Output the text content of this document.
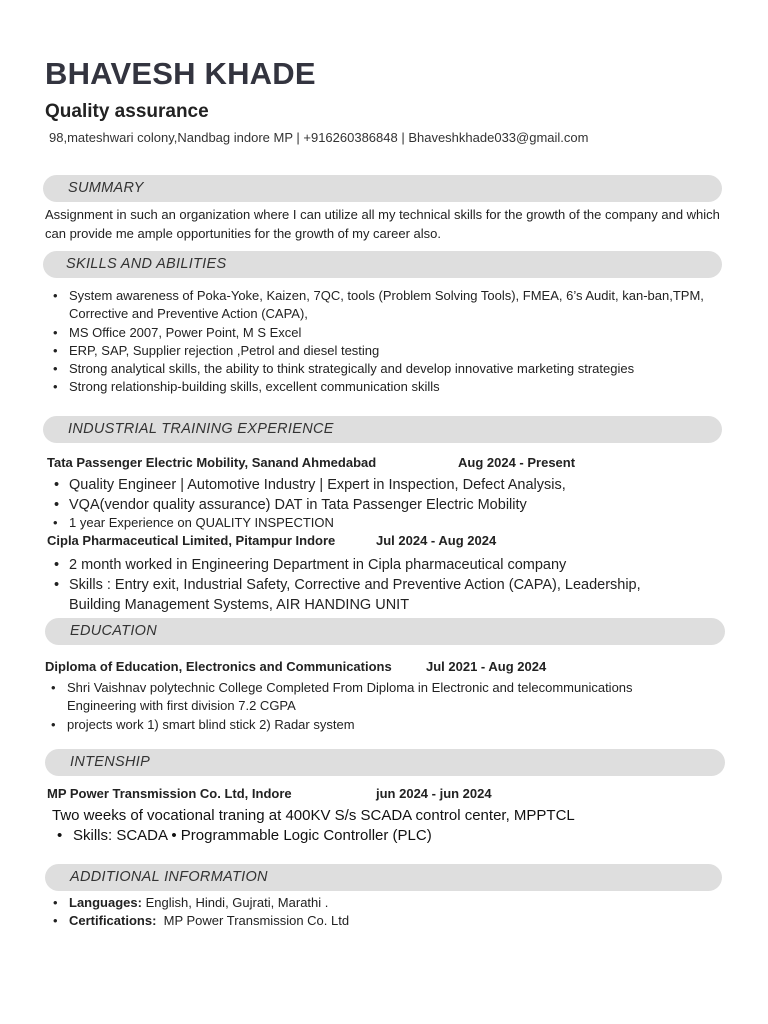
BHAVESH KHADE
Quality assurance
98,mateshwari colony,Nandbag indore MP | +916260386848 | Bhaveshkhade033@gmail.com
SUMMARY
Assignment in such an organization where I can utilize all my technical skills for the growth of the company and which can provide me ample opportunities for the growth of my career also.
SKILLS AND ABILITIES
• System awareness of Poka-Yoke, Kaizen, 7QC, tools (Problem Solving Tools), FMEA, 6’s Audit, kan-ban,TPM, Corrective and Preventive Action (CAPA),
• MS Office 2007, Power Point, M S Excel
• ERP, SAP, Supplier rejection ,Petrol and diesel testing
• Strong analytical skills, the ability to think strategically and develop innovative marketing strategies
• Strong relationship-building skills, excellent communication skills
INDUSTRIAL TRAINING EXPERIENCE
Tata Passenger Electric Mobility, Sanand Ahmedabad	Aug 2024 - Present
• Quality Engineer | Automotive Industry | Expert in Inspection, Defect Analysis,
• VQA(vendor quality assurance) DAT in Tata Passenger Electric Mobility
• 1 year Experience on QUALITY INSPECTION
Cipla Pharmaceutical Limited, Pitampur Indore	Jul 2024 - Aug 2024
• 2 month worked in Engineering Department in Cipla pharmaceutical company
• Skills : Entry exit, Industrial Safety, Corrective and Preventive Action (CAPA), Leadership, Building Management Systems, AIR HANDING UNIT
EDUCATION
Diploma of Education, Electronics and Communications	Jul 2021 - Aug 2024
• Shri Vaishnav polytechnic College Completed From Diploma in Electronic and telecommunications Engineering with first division 7.2 CGPA
• projects work 1) smart blind stick 2) Radar system
INTENSHIP
MP Power Transmission Co. Ltd, Indore	jun 2024 - jun 2024
Two weeks of vocational traning at 400KV S/s SCADA control center, MPPTCL
• Skills: SCADA • Programmable Logic Controller (PLC)
ADDITIONAL INFORMATION
• Languages: English, Hindi, Gujrati, Marathi .
• Certifications:  MP Power Transmission Co. Ltd
